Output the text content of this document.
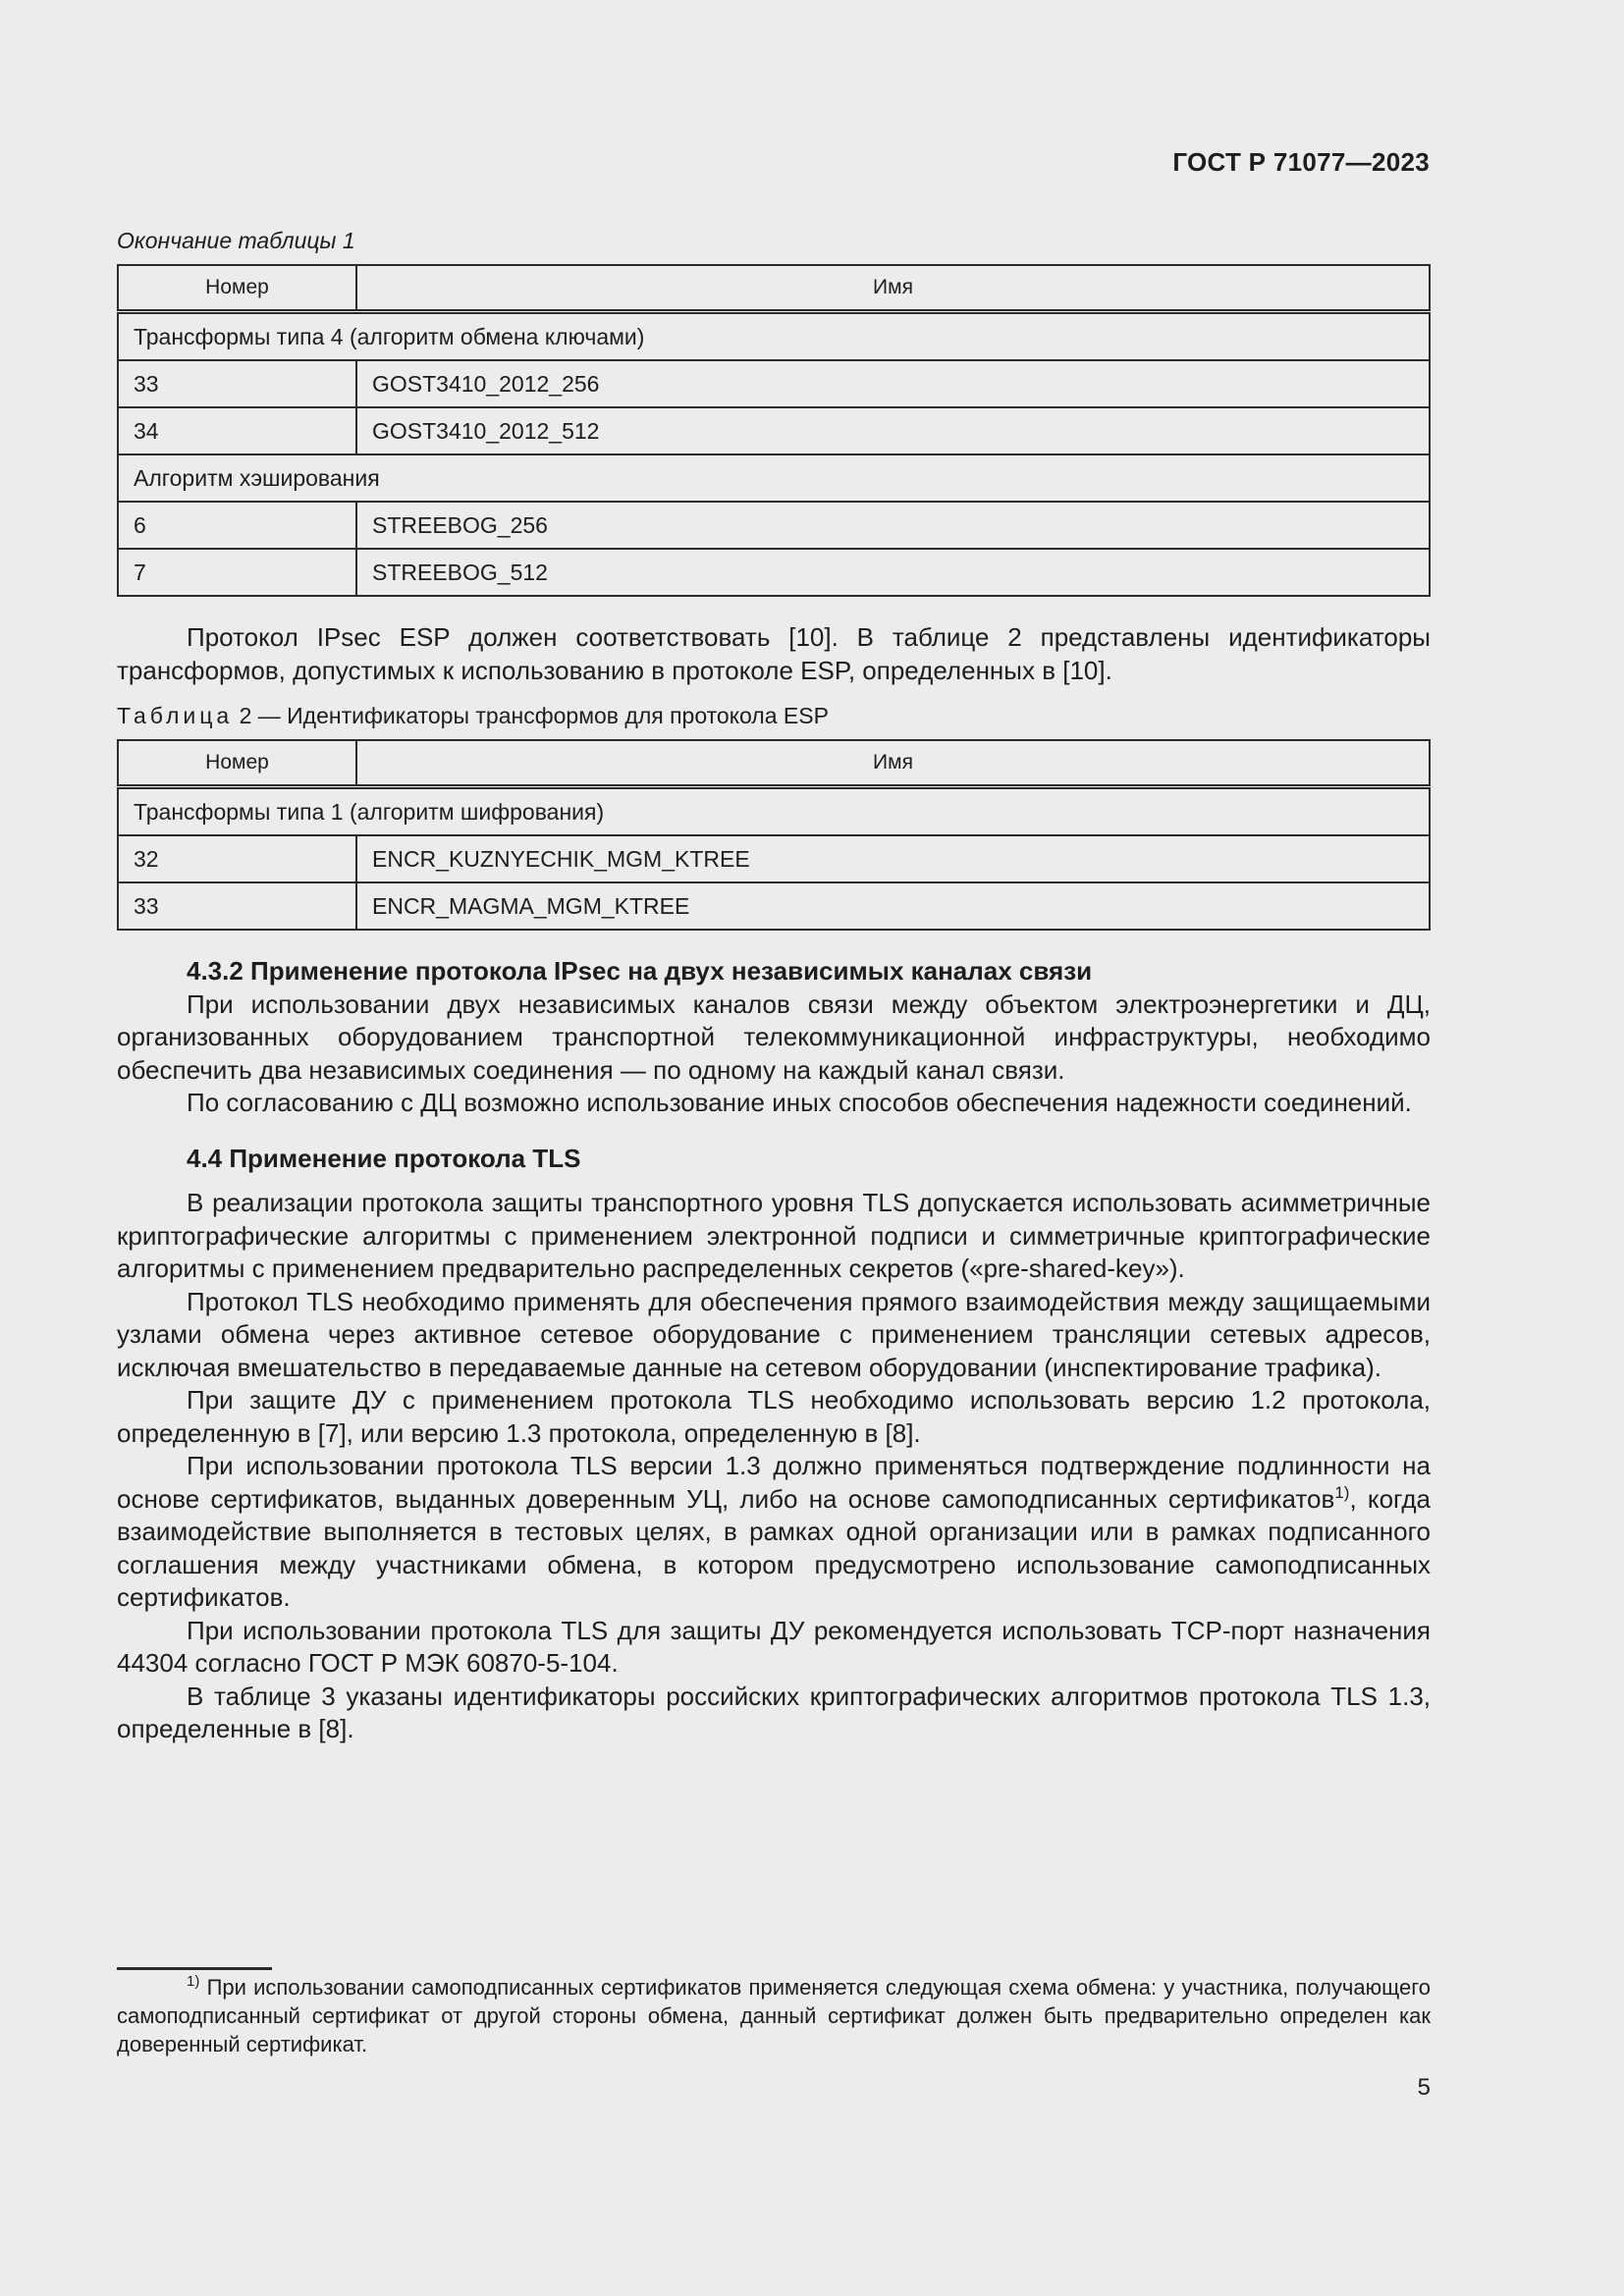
ГОСТ Р 71077—2023
Окончание таблицы 1
Номер	Имя
Трансформы типа 4 (алгоритм обмена ключами)	
33	GOST3410_2012_256
34	GOST3410_2012_512
Алгоритм хэширования	
6	STREEBOG_256
7	STREEBOG_512

Протокол IPsec ESP должен соответствовать [10]. В таблице 2 представлены идентификаторы трансформов, допустимых к использованию в протоколе ESP, определенных в [10].

Таблица 2 — Идентификаторы трансформов для протокола ESP
Номер	Имя
Трансформы типа 1 (алгоритм шифрования)	
32	ENCR_KUZNYECHIK_MGM_KTREE
33	ENCR_MAGMA_MGM_KTREE
4.3.2 Применение протокола IPsec на двух независимых каналах связи

При использовании двух независимых каналов связи между объектом электроэнергетики и ДЦ, организованных оборудованием транспортной телекоммуникационной инфраструктуры, необходимо обеспечить два независимых соединения — по одному на каждый канал связи.

По согласованию с ДЦ возможно использование иных способов обеспечения надежности соединений.

4.4 Применение протокола TLS

В реализации протокола защиты транспортного уровня TLS допускается использовать асимметричные криптографические алгоритмы с применением электронной подписи и симметричные криптографические алгоритмы с применением предварительно распределенных секретов («pre-shared-key»).

Протокол TLS необходимо применять для обеспечения прямого взаимодействия между защищаемыми узлами обмена через активное сетевое оборудование с применением трансляции сетевых адресов, исключая вмешательство в передаваемые данные на сетевом оборудовании (инспектирование трафика).

При защите ДУ с применением протокола TLS необходимо использовать версию 1.2 протокола, определенную в [7], или версию 1.3 протокола, определенную в [8].

При использовании протокола TLS версии 1.3 должно применяться подтверждение подлинности на основе сертификатов, выданных доверенным УЦ, либо на основе самоподписанных сертификатов$^{1)}$, когда взаимодействие выполняется в тестовых целях, в рамках одной организации или в рамках подписанного соглашения между участниками обмена, в котором предусмотрено использование самоподписанных сертификатов.

При использовании протокола TLS для защиты ДУ рекомендуется использовать TCP-порт назначения 44304 согласно ГОСТ Р МЭК 60870-5-104.

В таблице 3 указаны идентификаторы российских криптографических алгоритмов протокола TLS 1.3, определенные в [8].

$^{1)}$ При использовании самоподписанных сертификатов применяется следующая схема обмена: у участника, получающего самоподписанный сертификат от другой стороны обмена, данный сертификат должен быть предварительно определен как доверенный сертификат.
5
